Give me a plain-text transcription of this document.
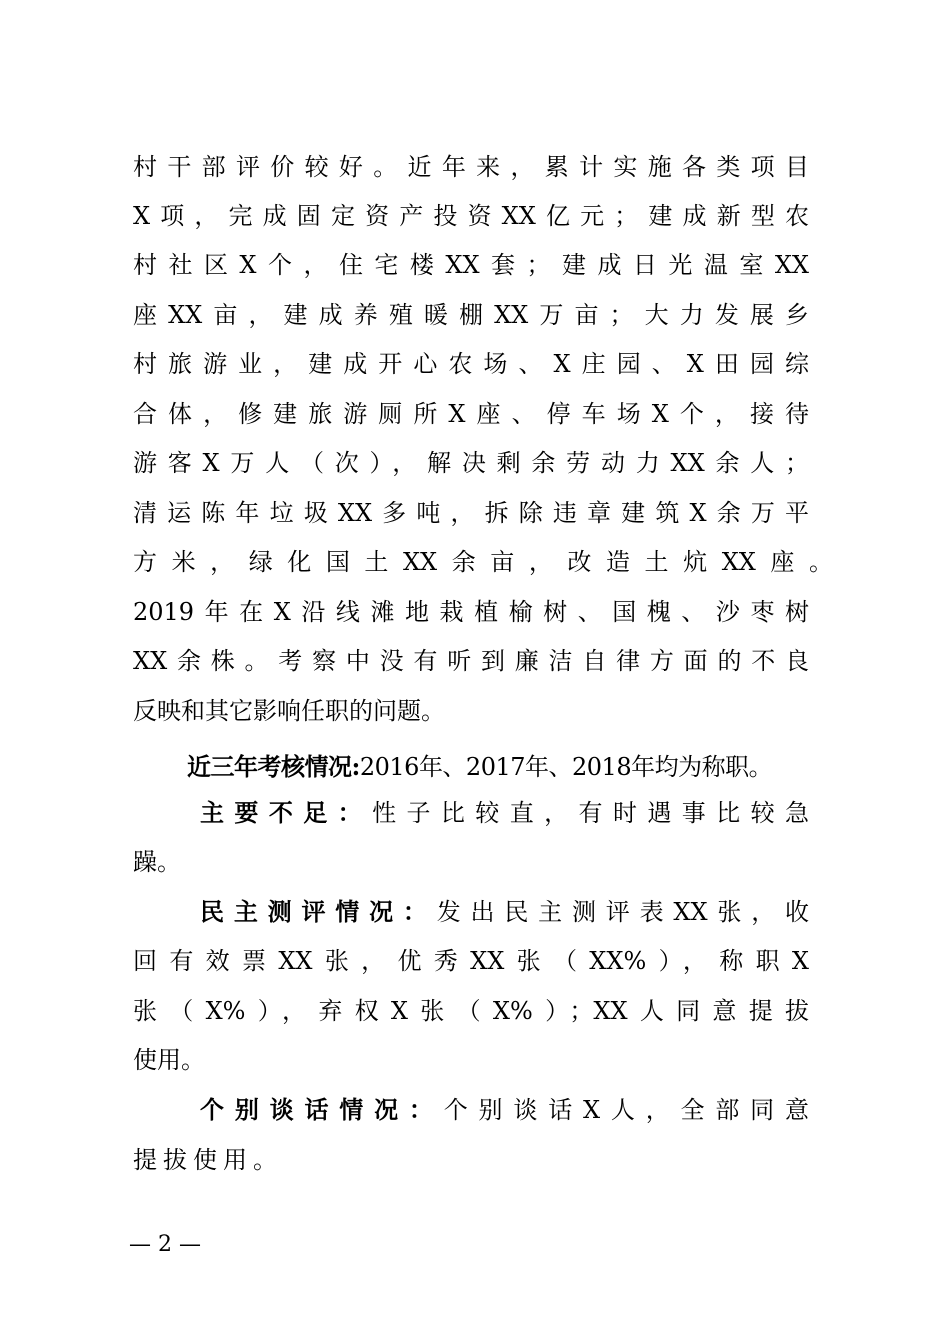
村干部评价较好。近年来，累计实施各类项目
X项，完成固定资产投资XX亿元；建成新型农
村社区X个，住宅楼XX套；建成日光温室XX
座XX亩，建成养殖暖棚XX万亩；大力发展乡
村旅游业，建成开心农场、X庄园、X田园综
合体，修建旅游厕所X座、停车场X个，接待
游客X万人（次），解决剩余劳动力XX余人；
清运陈年垃圾XX多吨，拆除违章建筑X余万平
方米，绿化国土XX余亩，改造土炕XX座。
2019年在X沿线滩地栽植榆树、国槐、沙枣树
XX余株。考察中没有听到廉洁自律方面的不良
反映和其它影响任职的问题。
近三年考核情况:2016年、2017年、2018年均为称职。
主要不足：性子比较直，有时遇事比较急
躁。
民主测评情况：发出民主测评表XX张，收
回有效票XX张，优秀XX张（XX%），称职X
张（X%），弃权X张（X%）；XX人同意提拔
使用。
个别谈话情况：个别谈话X人，全部同意
提拔使用。
— 2 —
